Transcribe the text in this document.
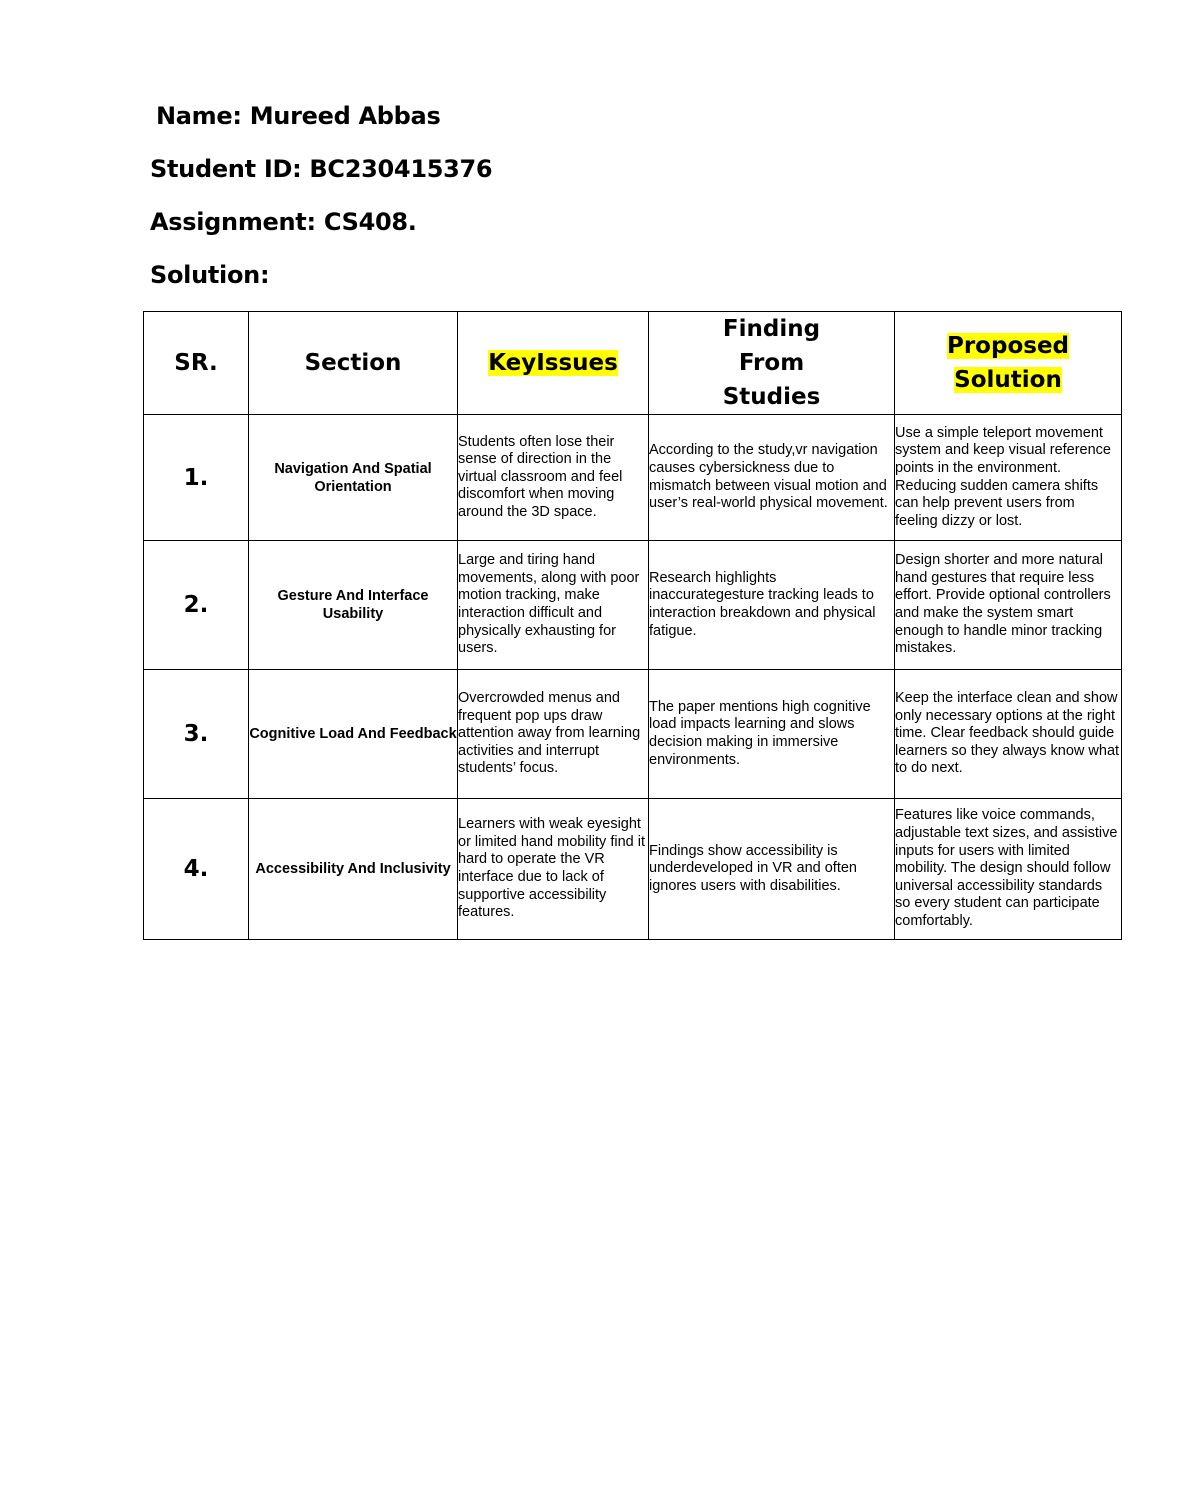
Name: Mureed Abbas

Student ID: BC230415376

Assignment: CS408.

Solution:

SR.	Section	KeyIssues	Finding From Studies	Proposed Solution
1.	Navigation And Spatial Orientation	Students often lose their sense of direction in the virtual classroom and feel discomfort when moving around the 3D space.	According to the study,vr navigation causes cybersickness due to mismatch between visual motion and user’s real-world physical movement.	Use a simple teleport movement system and keep visual reference points in the environment. Reducing sudden camera shifts can help prevent users from feeling dizzy or lost.
2.	Gesture And Interface Usability	Large and tiring hand movements, along with poor motion tracking, make interaction difficult and physically exhausting for users.	Research highlights inaccurategesture tracking leads to interaction breakdown and physical fatigue.	Design shorter and more natural hand gestures that require less effort. Provide optional controllers and make the system smart enough to handle minor tracking mistakes.
3.	Cognitive Load And Feedback	Overcrowded menus and frequent pop ups draw attention away from learning activities and interrupt students’ focus.	The paper mentions high cognitive load impacts learning and slows decision making in immersive environments.	Keep the interface clean and show only necessary options at the right time. Clear feedback should guide learners so they always know what to do next.
4.	Accessibility And Inclusivity	Learners with weak eyesight or limited hand mobility find it hard to operate the VR interface due to lack of supportive accessibility features.	Findings show accessibility is underdeveloped in VR and often ignores users with disabilities.	Features like voice commands, adjustable text sizes, and assistive inputs for users with limited mobility. The design should follow universal accessibility standards so every student can participate comfortably.
